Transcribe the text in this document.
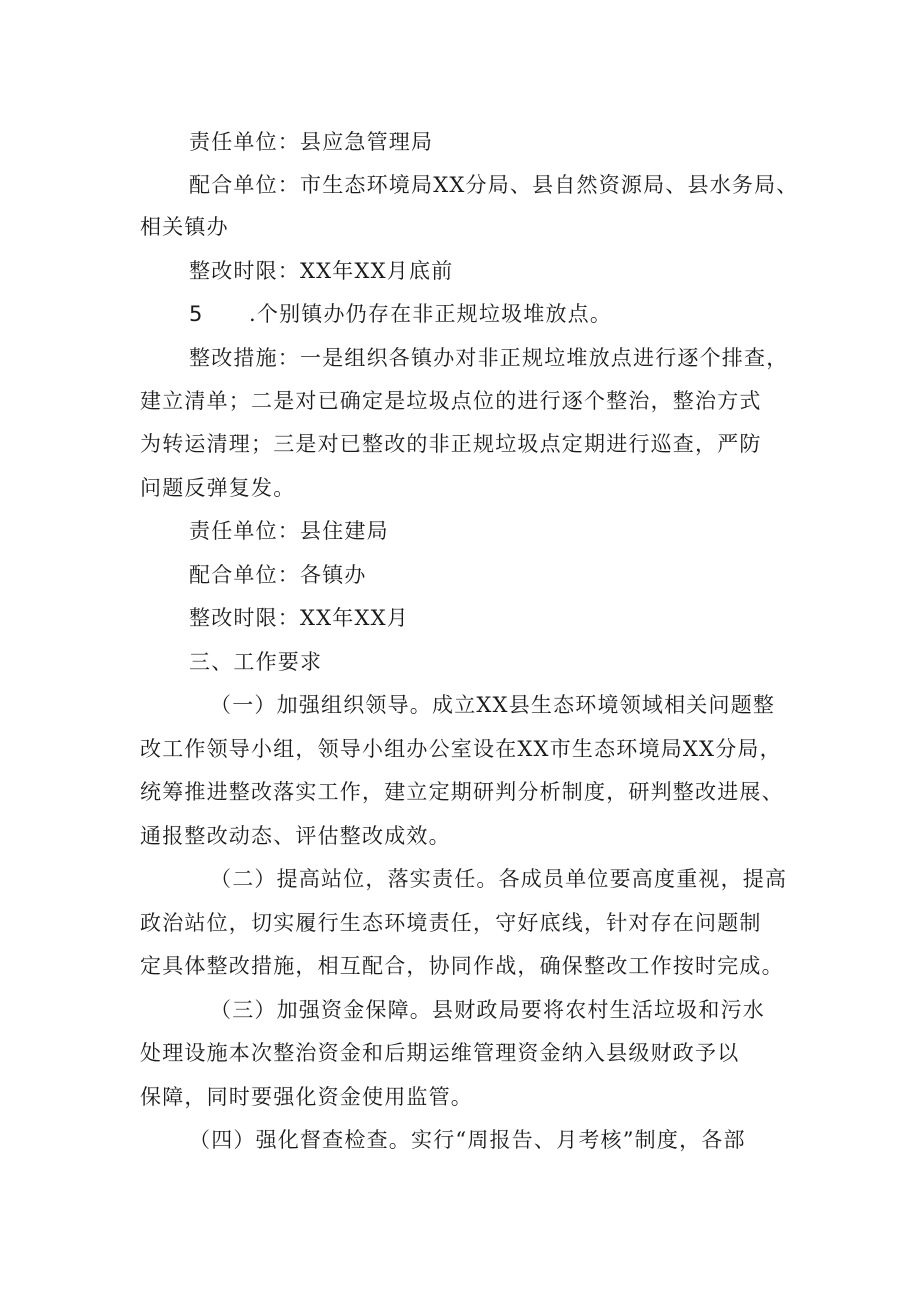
责任单位：县应急管理局
配合单位：市生态环境局XX分局、县自然资源局、县水务局、
相关镇办
整改时限：XX年XX月底前
5 .个别镇办仍存在非正规垃圾堆放点。
整改措施：一是组织各镇办对非正规垃堆放点进行逐个排查，
建立清单；二是对已确定是垃圾点位的进行逐个整治，整治方式
为转运清理；三是对已整改的非正规垃圾点定期进行巡查，严防
问题反弹复发。
责任单位：县住建局
配合单位：各镇办
整改时限：XX年XX月
三、工作要求
（一）加强组织领导。成立XX县生态环境领域相关问题整
改工作领导小组，领导小组办公室设在XX市生态环境局XX分局，
统筹推进整改落实工作，建立定期研判分析制度，研判整改进展、
通报整改动态、评估整改成效。
（二）提高站位，落实责任。各成员单位要高度重视，提高
政治站位，切实履行生态环境责任，守好底线，针对存在问题制
定具体整改措施，相互配合，协同作战，确保整改工作按时完成。
（三）加强资金保障。县财政局要将农村生活垃圾和污水
处理设施本次整治资金和后期运维管理资金纳入县级财政予以
保障，同时要强化资金使用监管。
（四）强化督查检查。实行“周报告、月考核”制度，各部
